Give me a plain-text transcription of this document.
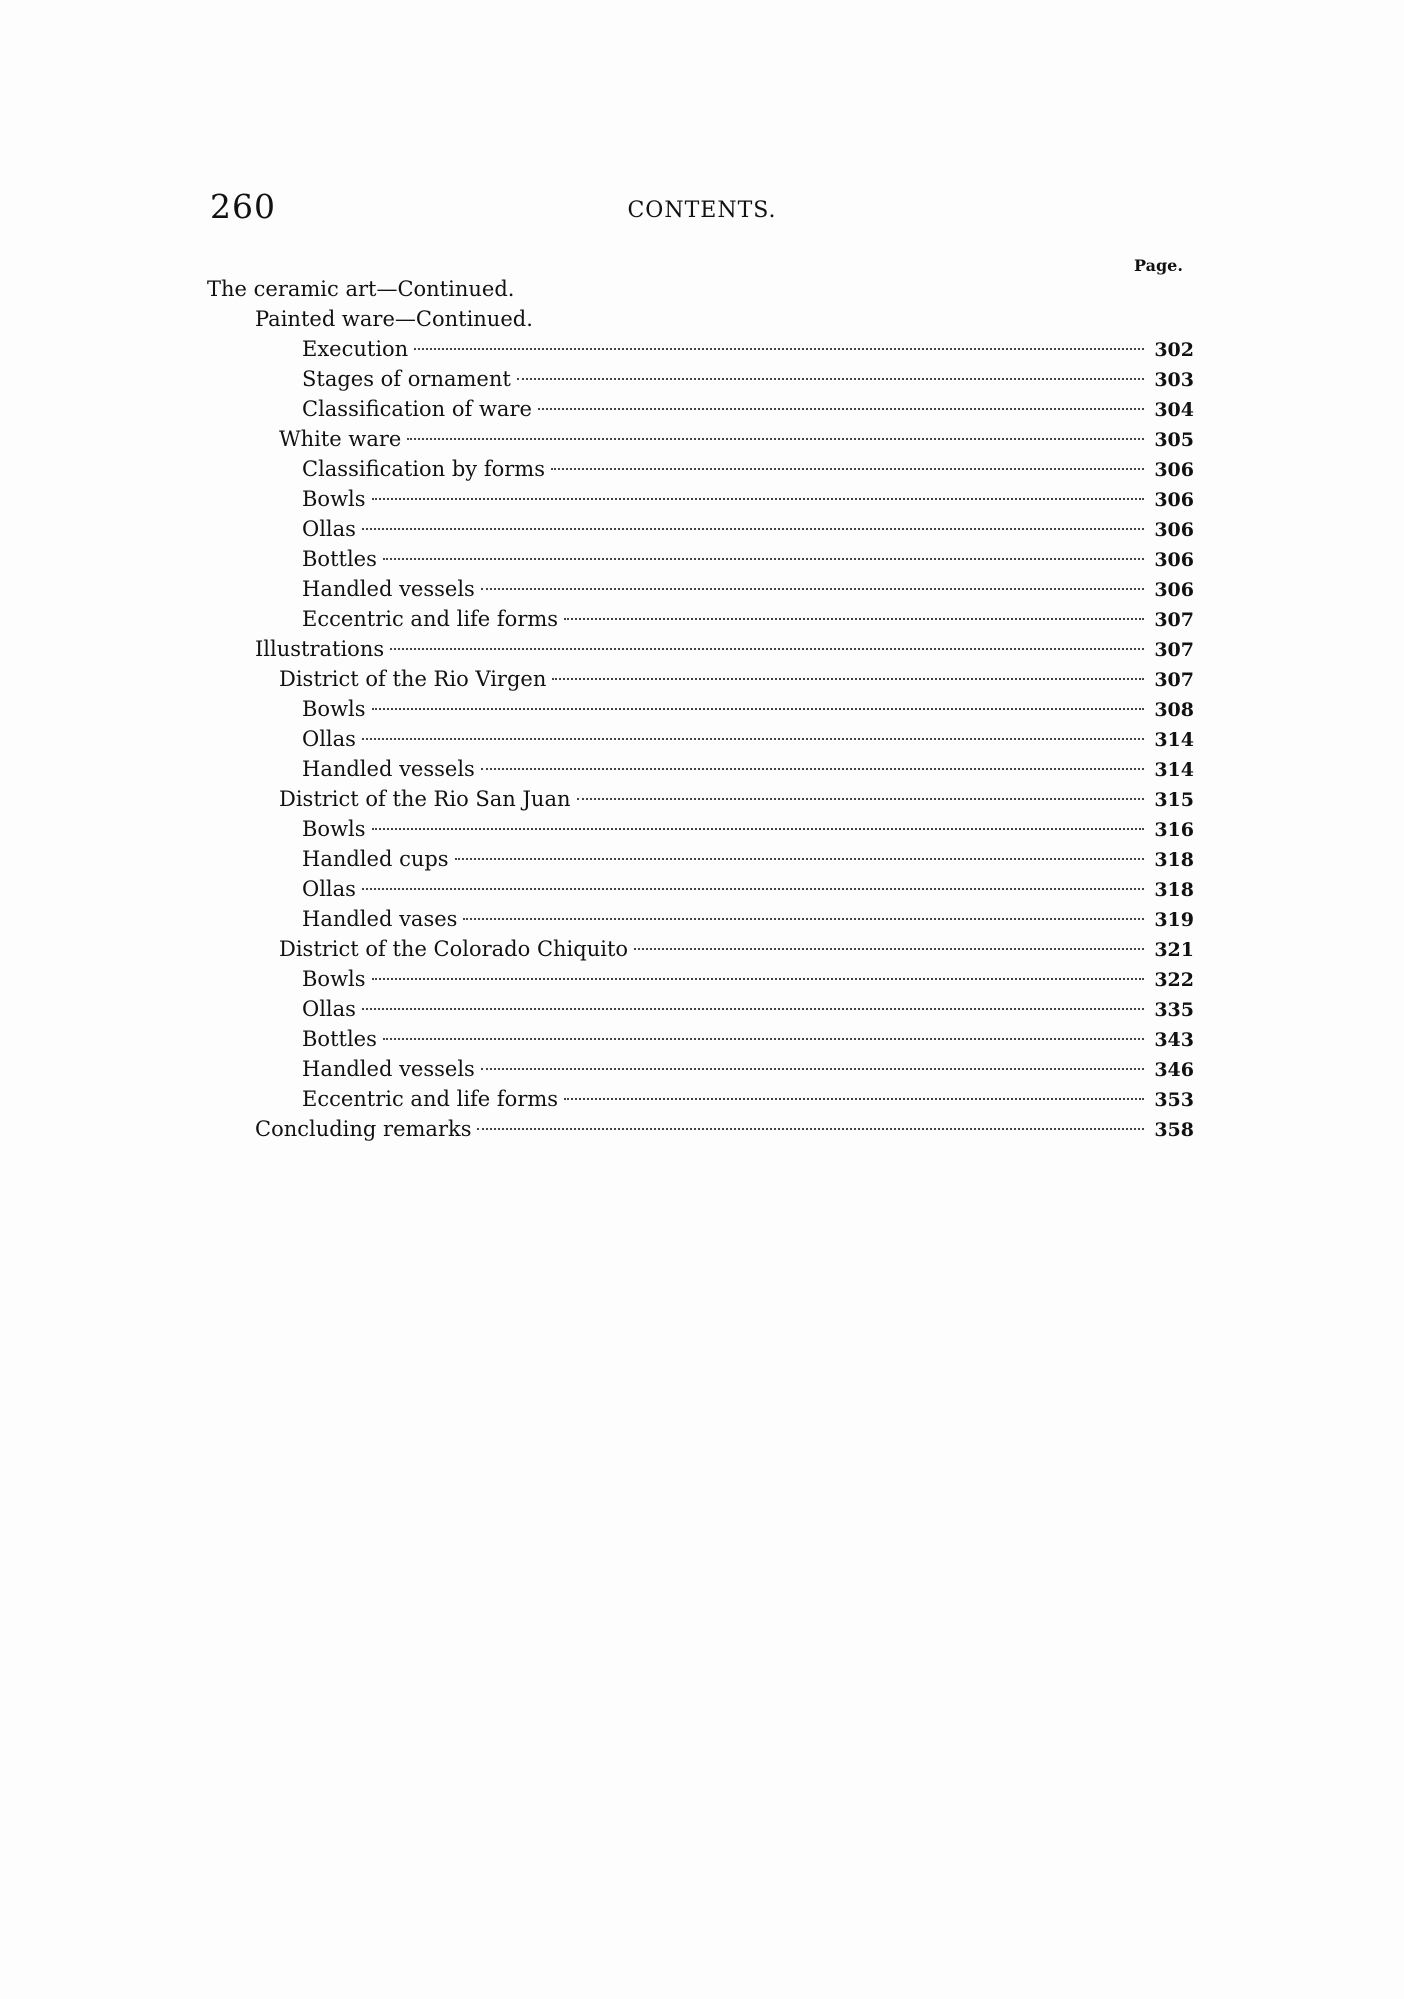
260	CONTENTS.
Page.
The ceramic art—Continued.
Painted ware—Continued.
Execution	302
Stages of ornament	303
Classification of ware	304
White ware	305
Classification by forms	306
Bowls	306
Ollas	306
Bottles	306
Handled vessels	306
Eccentric and life forms	307
Illustrations	307
District of the Rio Virgen	307
Bowls	308
Ollas	314
Handled vessels	314
District of the Rio San Juan	315
Bowls	316
Handled cups	318
Ollas	318
Handled vases	319
District of the Colorado Chiquito	321
Bowls	322
Ollas	335
Bottles	343
Handled vessels	346
Eccentric and life forms	353
Concluding remarks	358
